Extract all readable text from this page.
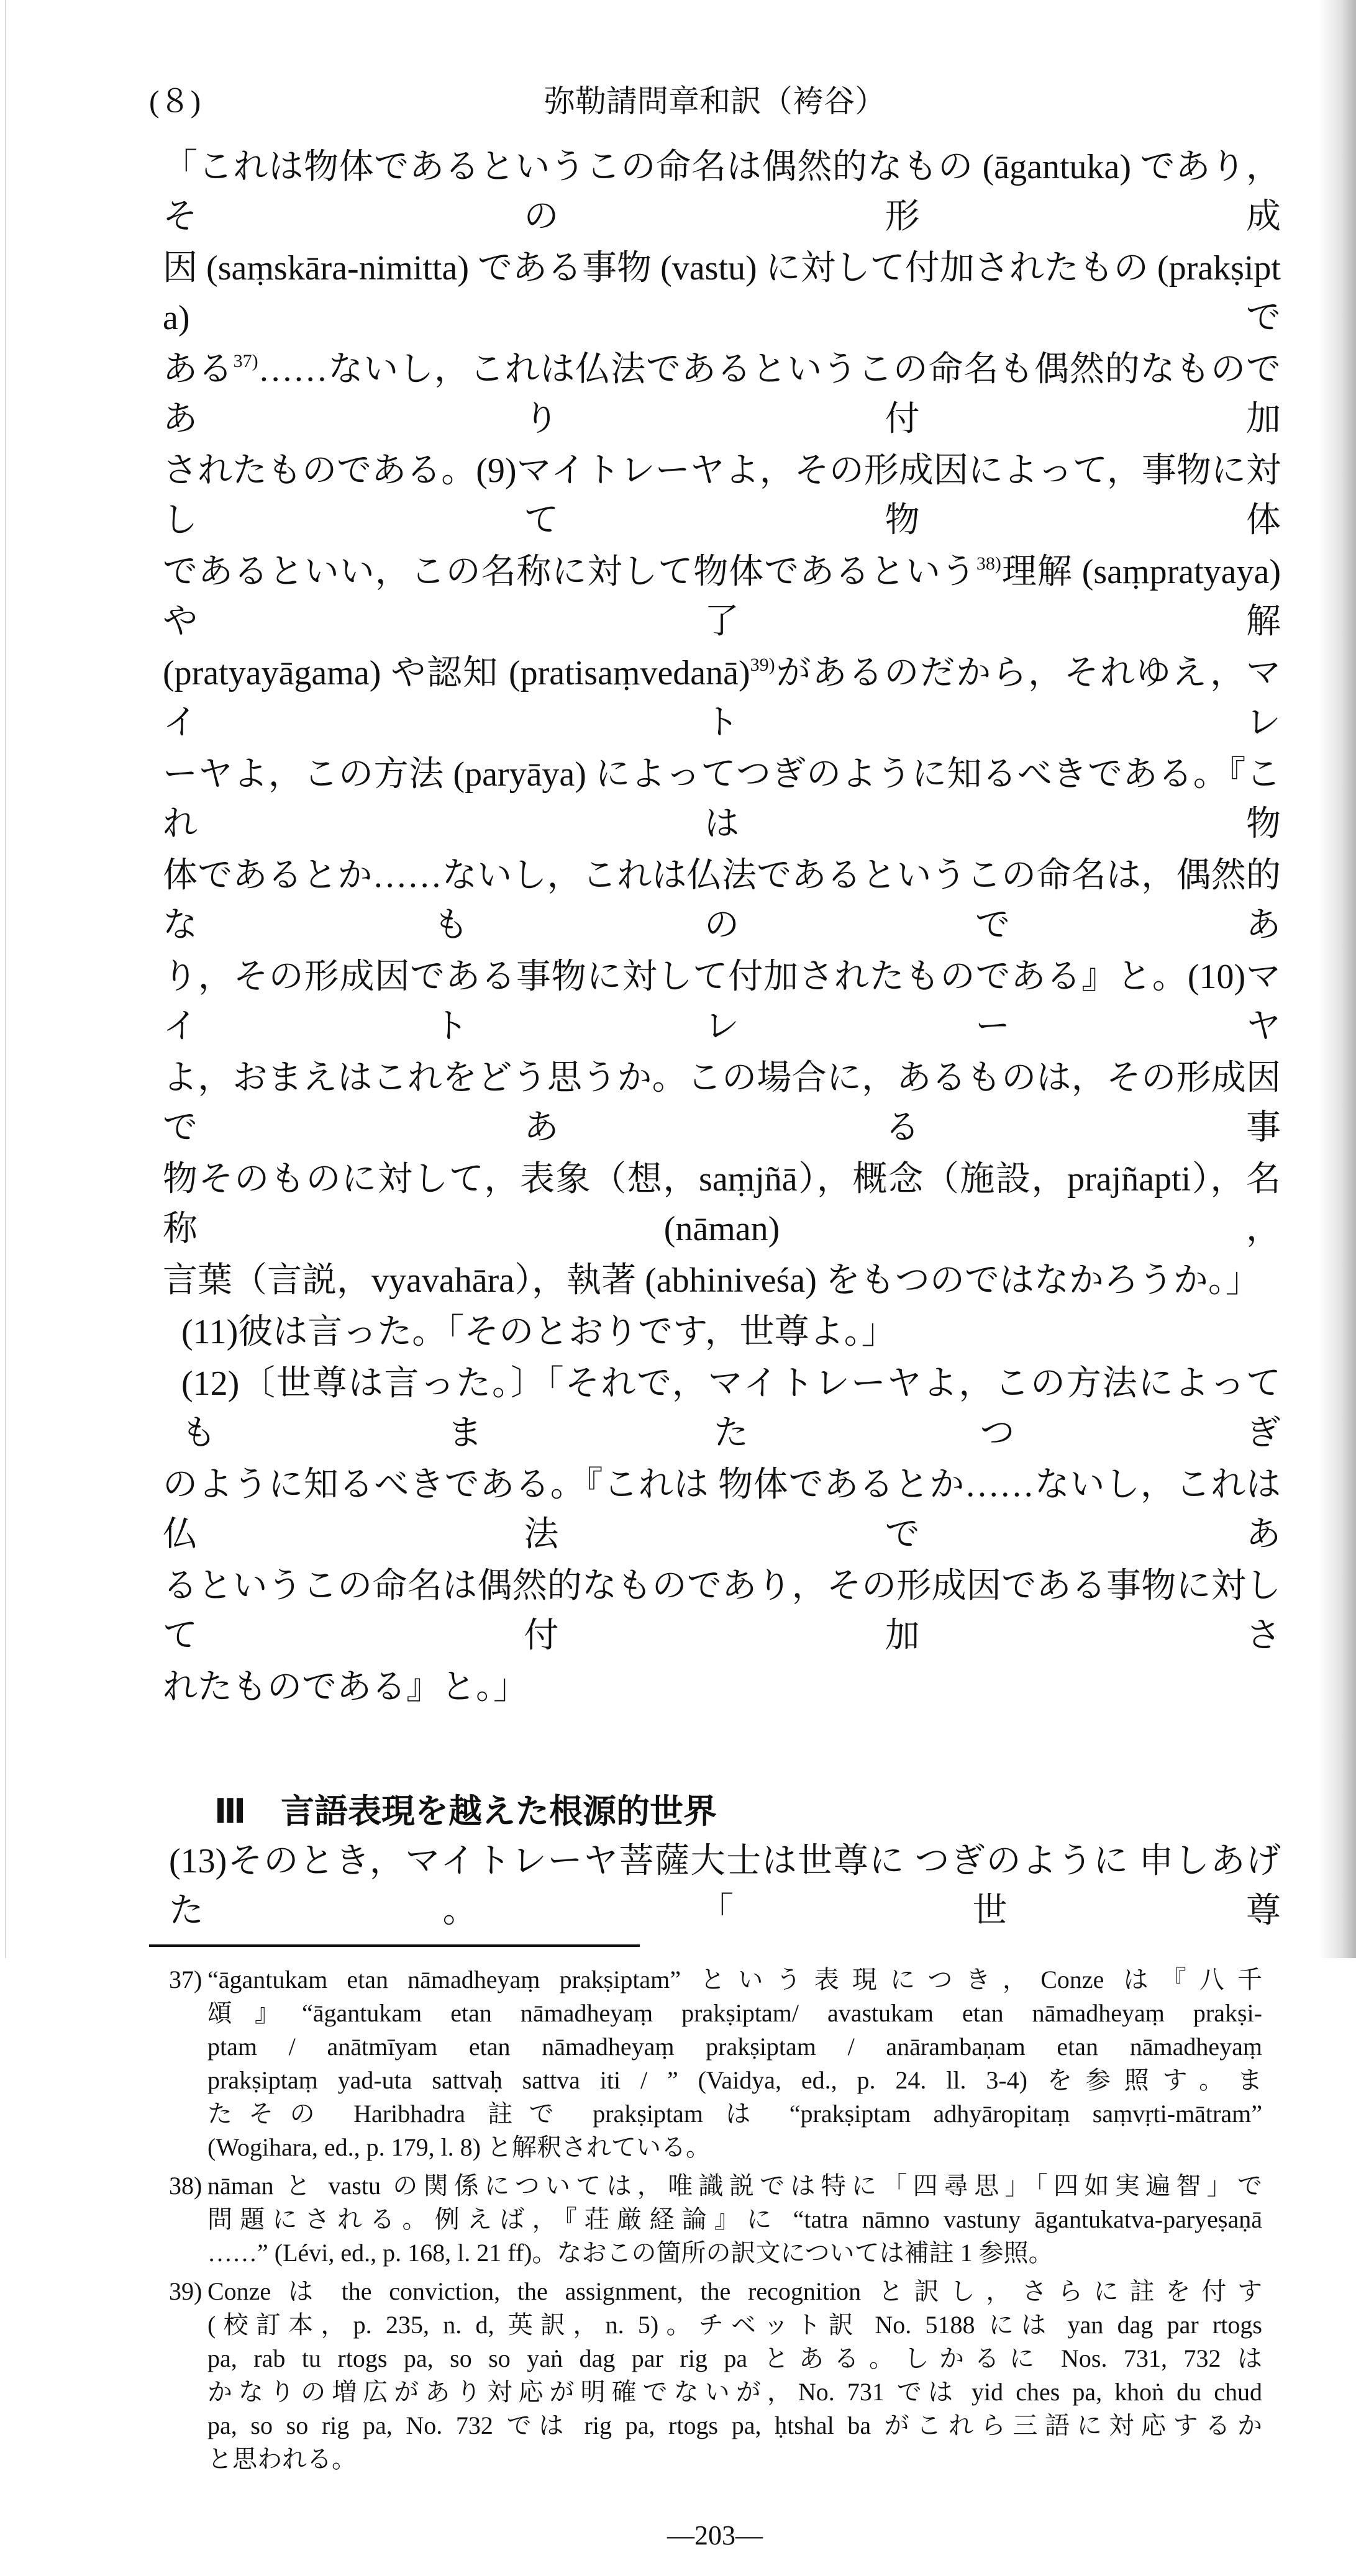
(８)	弥勒請問章和訳（袴谷）
「これは物体であるというこの命名は偶然的なもの (āgantuka) であり，その形成
因 (saṃskāra-nimitta) である事物 (vastu) に対して付加されたもの (prakṣipta) で
ある$^{37)}$……ないし，これは仏法であるというこの命名も偶然的なものであり付加
されたものである。(9)マイトレーヤよ，その形成因によって，事物に対して物体
であるといい，この名称に対して物体であるという$^{38)}$理解 (saṃpratyaya) や了解
(pratyayāgama) や認知 (pratisaṃvedanā)$^{39)}$があるのだから，それゆえ，マイトレ
ーヤよ，この方法 (paryāya) によってつぎのように知るべきである。『これは物
体であるとか……ないし，これは仏法であるというこの命名は，偶然的なものであ
り，その形成因である事物に対して付加されたものである』と。(10)マイトレーヤ
よ，おまえはこれをどう思うか。この場合に，あるものは，その形成因である事
物そのものに対して，表象（想，saṃjñā），概念（施設，prajñapti），名称(nāman)，
言葉（言説，vyavahāra），執著 (abhiniveśa) をもつのではなかろうか。」
(11)彼は言った。「そのとおりです，世尊よ。」
(12)〔世尊は言った。〕「それで，マイトレーヤよ，この方法によってもまたつぎ
のように知るべきである。『これは 物体であるとか……ないし，これは仏法であ
るというこの命名は偶然的なものであり，その形成因である事物に対して付加さ
れたものである』と。」
Ⅲ 言語表現を越えた根源的世界
(13)そのとき，マイトレーヤ菩薩大士は世尊に つぎのように 申しあげた。「世尊
37) “āgantukam etan nāmadheyaṃ prakṣiptam” という表現につき，Conze は『八千
頌』“āgantukam etan nāmadheyaṃ prakṣiptam/ avastukam etan nāmadheyaṃ prakṣi-
ptam / anātmīyam etan nāmadheyaṃ prakṣiptam / anārambaṇam etan nāmadheyaṃ
prakṣiptaṃ yad-uta sattvaḥ sattva iti / ” (Vaidya, ed., p. 24. ll. 3-4) を参照す。ま
たその Haribhadra 註で prakṣiptam は “prakṣiptam adhyāropitaṃ saṃvṛti-mātram”
(Wogihara, ed., p. 179, l. 8) と解釈されている。
38) nāman と vastu の関係については，唯識説では特に「四尋思」「四如実遍智」で
問題にされる。例えば，『荘厳経論』に “tatra nāmno vastuny āgantukatva-paryeṣaṇā
……” (Lévi, ed., p. 168, l. 21 ff)。なおこの箇所の訳文については補註 1 参照。
39) Conze は the conviction, the assignment, the recognition と訳し，さらに註を付す
(校訂本，p. 235, n. d, 英訳，n. 5)。チベット訳 No. 5188 には yan dag par rtogs
pa, rab tu rtogs pa, so so yaṅ dag par rig pa とある。しかるに Nos. 731, 732 は
かなりの増広があり対応が明確でないが，No. 731 では yid ches pa, khoṅ du chud
pa, so so rig pa, No. 732 では rig pa, rtogs pa, ḥtshal ba がこれら三語に対応するか
と思われる。
—203—
